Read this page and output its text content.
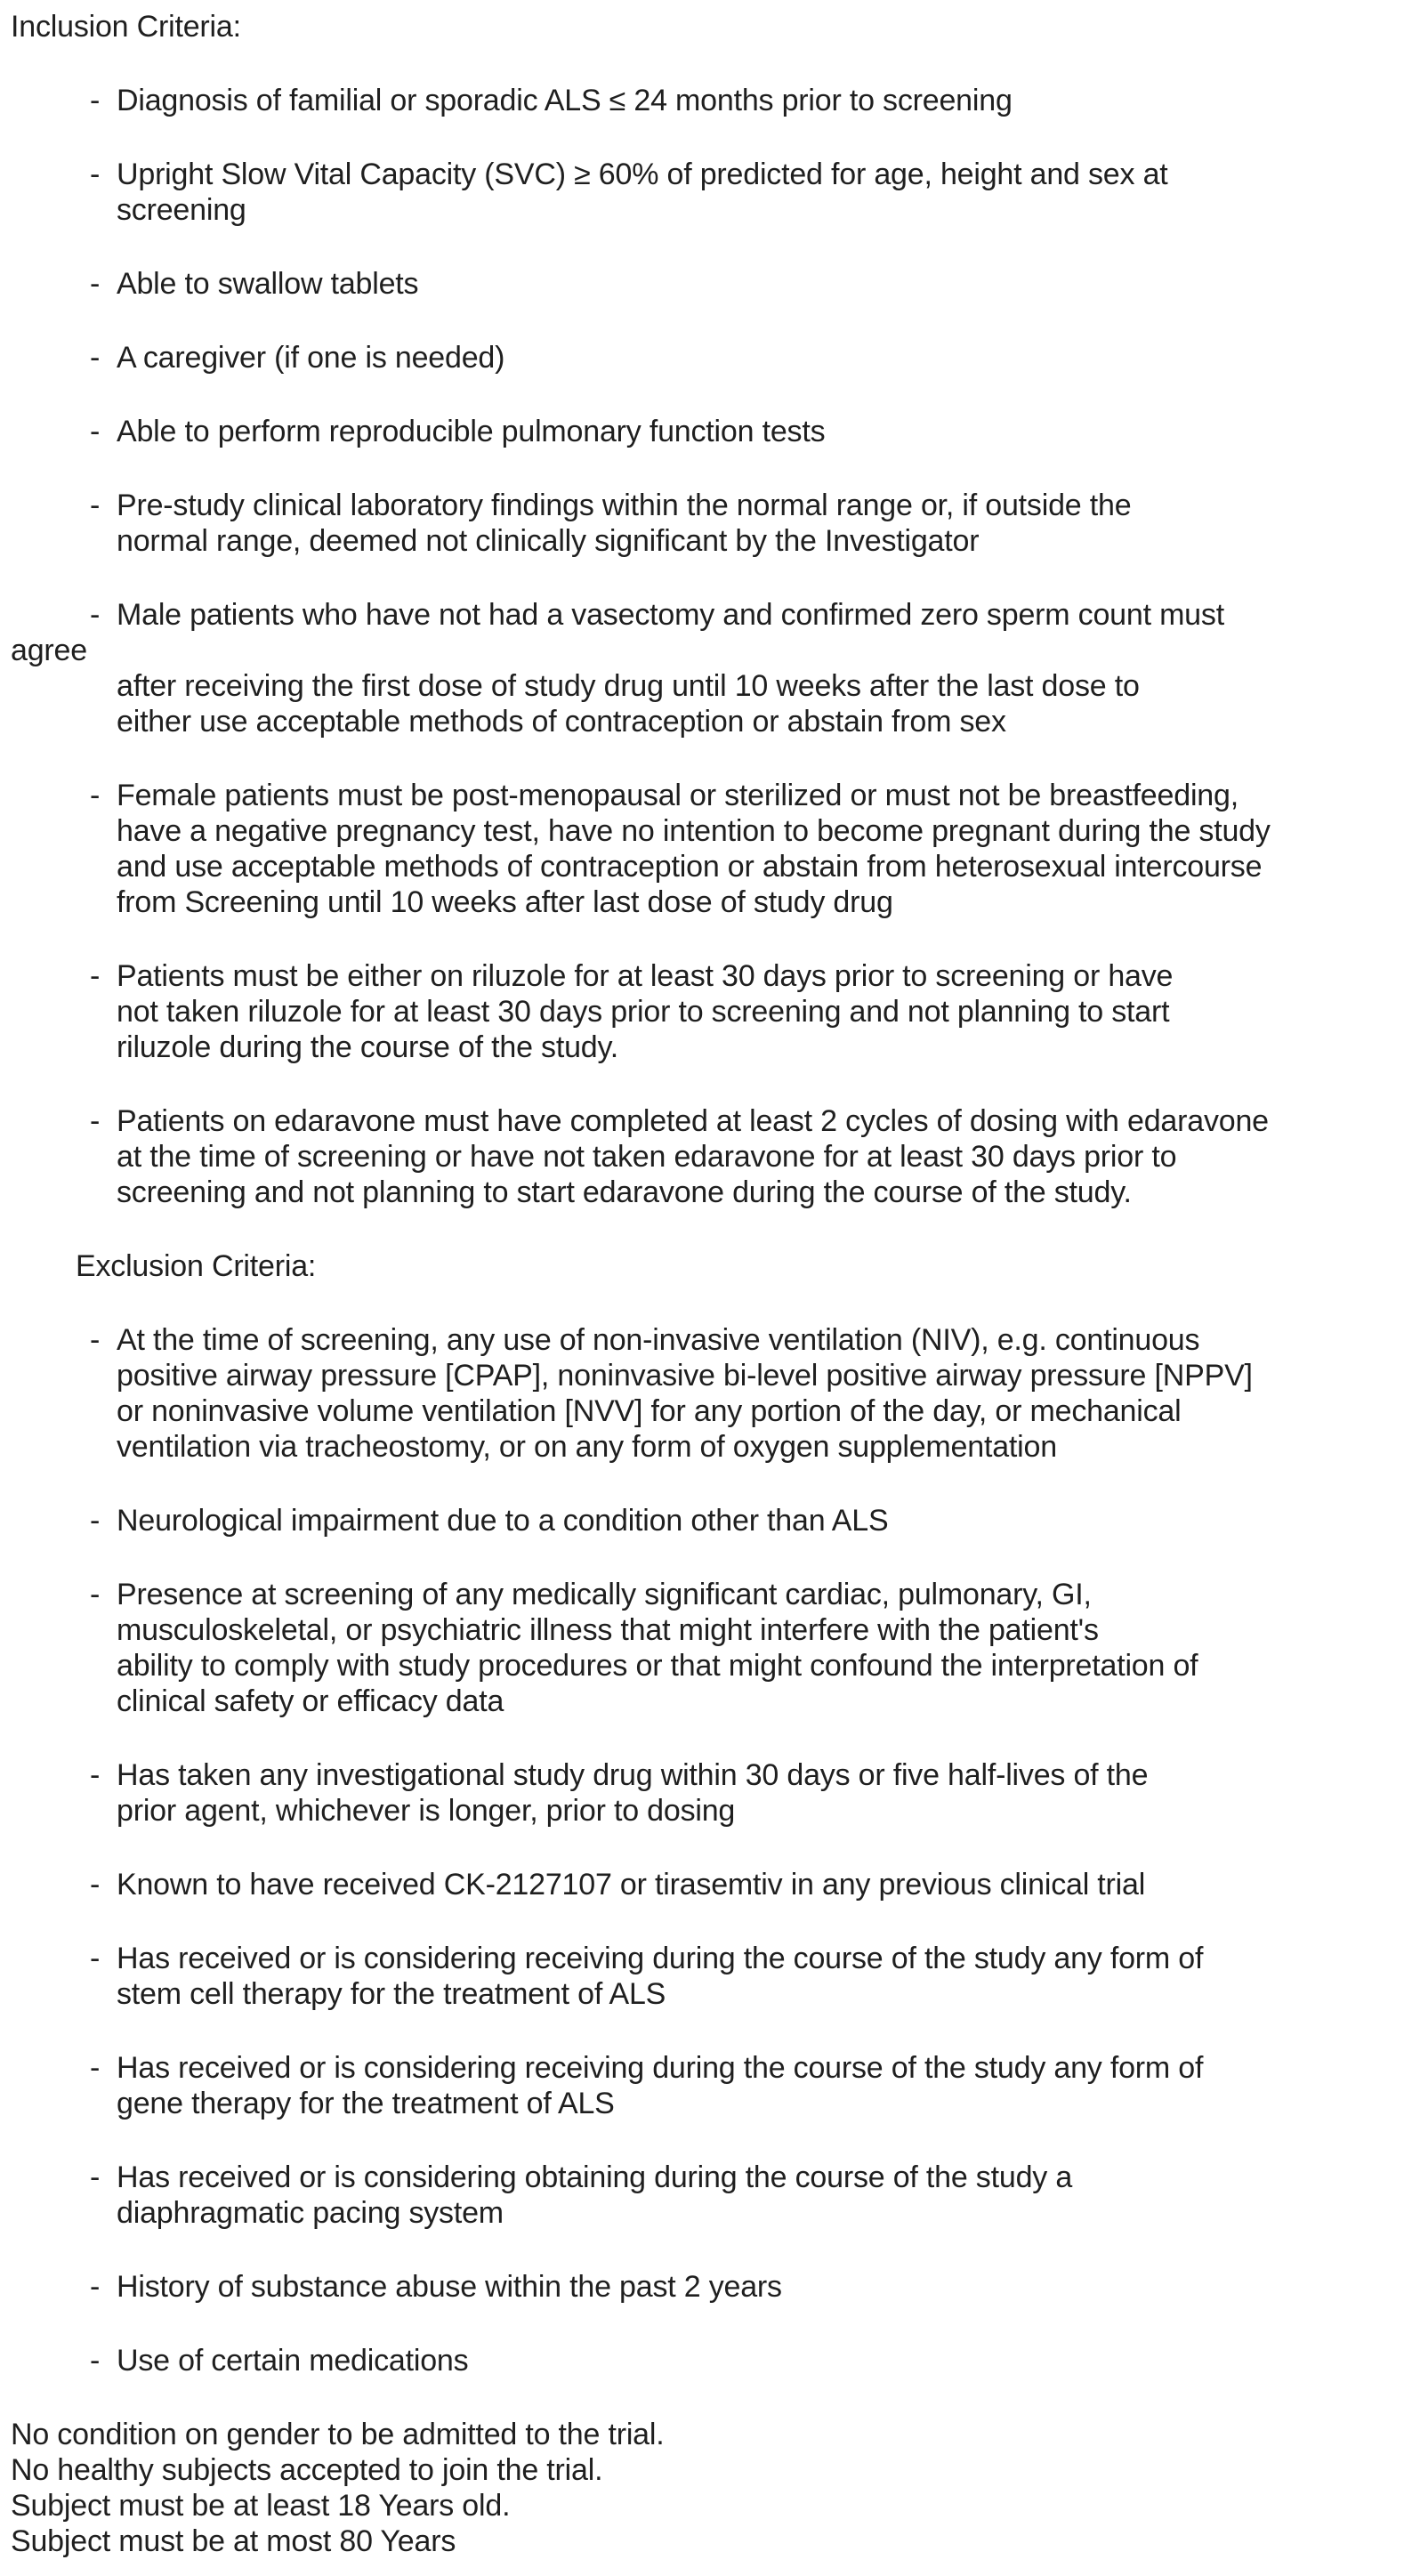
Inclusion Criteria:
- Diagnosis of familial or sporadic ALS ≤ 24 months prior to screening
- Upright Slow Vital Capacity (SVC) ≥ 60% of predicted for age, height and sex at
screening
- Able to swallow tablets
- A caregiver (if one is needed)
- Able to perform reproducible pulmonary function tests
- Pre-study clinical laboratory findings within the normal range or, if outside the
normal range, deemed not clinically significant by the Investigator
- Male patients who have not had a vasectomy and confirmed zero sperm count must
agree
after receiving the first dose of study drug until 10 weeks after the last dose to
either use acceptable methods of contraception or abstain from sex
- Female patients must be post-menopausal or sterilized or must not be breastfeeding,
have a negative pregnancy test, have no intention to become pregnant during the study
and use acceptable methods of contraception or abstain from heterosexual intercourse
from Screening until 10 weeks after last dose of study drug
- Patients must be either on riluzole for at least 30 days prior to screening or have
not taken riluzole for at least 30 days prior to screening and not planning to start
riluzole during the course of the study.
- Patients on edaravone must have completed at least 2 cycles of dosing with edaravone
at the time of screening or have not taken edaravone for at least 30 days prior to
screening and not planning to start edaravone during the course of the study.
Exclusion Criteria:
- At the time of screening, any use of non-invasive ventilation (NIV), e.g. continuous
positive airway pressure [CPAP], noninvasive bi-level positive airway pressure [NPPV]
or noninvasive volume ventilation [NVV] for any portion of the day, or mechanical
ventilation via tracheostomy, or on any form of oxygen supplementation
- Neurological impairment due to a condition other than ALS
- Presence at screening of any medically significant cardiac, pulmonary, GI,
musculoskeletal, or psychiatric illness that might interfere with the patient's
ability to comply with study procedures or that might confound the interpretation of
clinical safety or efficacy data
- Has taken any investigational study drug within 30 days or five half-lives of the
prior agent, whichever is longer, prior to dosing
- Known to have received CK-2127107 or tirasemtiv in any previous clinical trial
- Has received or is considering receiving during the course of the study any form of
stem cell therapy for the treatment of ALS
- Has received or is considering receiving during the course of the study any form of
gene therapy for the treatment of ALS
- Has received or is considering obtaining during the course of the study a
diaphragmatic pacing system
- History of substance abuse within the past 2 years
- Use of certain medications
No condition on gender to be admitted to the trial.
No healthy subjects accepted to join the trial.
Subject must be at least 18 Years old.
Subject must be at most 80 Years
